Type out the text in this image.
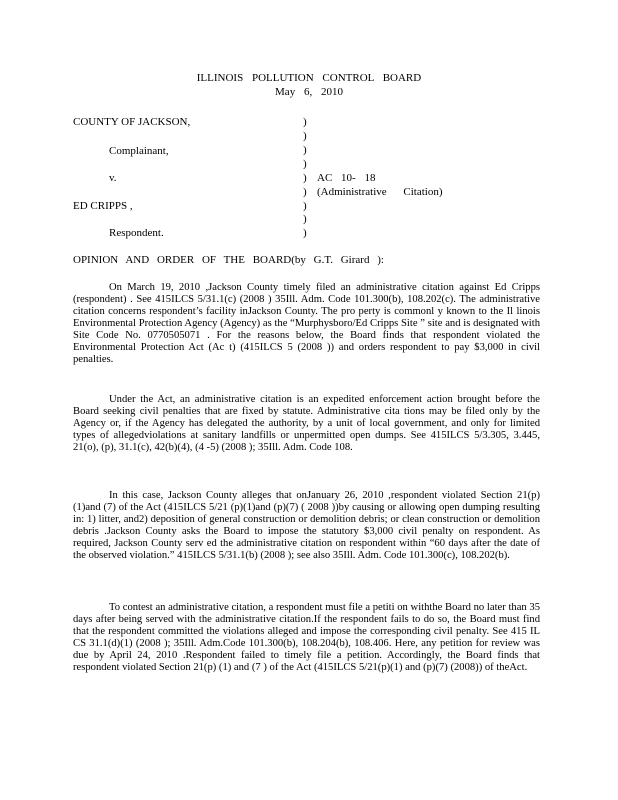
ILLINOIS POLLUTION CONTROL BOARD
May 6, 2010
COUNTY OF JACKSON,
Complainant,
v.	AC 10- 18
(Administrative Citation)
ED CRIPPS ,
Respondent.
)
)
)
)
)
)
)
)
)
OPINION AND ORDER OF THE BOARD(by G.T. Girard ):

On March 19, 2010 ,Jackson County timely filed an administrative citation against Ed Cripps (respondent) . See 415ILCS 5/31.1(c) (2008 ) 35Ill. Adm. Code 101.300(b), 108.202(c). The administrative citation concerns respondent’s facility inJackson County. The pro perty is commonl y known to the Il linois Environmental Protection Agency (Agency) as the “Murphysboro/Ed Cripps Site ” site and is designated with Site Code No. 0770505071 . For the reasons below, the Board finds that respondent violated the Environmental Protection Act (Ac t) (415ILCS 5 (2008 )) and orders respondent to pay $3,000 in civil penalties.

Under the Act, an administrative citation is an expedited enforcement action brought before the Board seeking civil penalties that are fixed by statute. Administrative cita tions may be filed only by the Agency or, if the Agency has delegated the authority, by a unit of local government, and only for limited types of allegedviolations at sanitary landfills or unpermitted open dumps. See 415ILCS 5/3.305, 3.445, 21(o), (p), 31.1(c), 42(b)(4), (4 -5) (2008 ); 35Ill. Adm. Code 108.

In this case, Jackson County alleges that onJanuary 26, 2010 ,respondent violated Section 21(p) (1)and (7) of the Act (415ILCS 5/21 (p)(1)and (p)(7) ( 2008 ))by causing or allowing open dumping resulting in: 1) litter, and2) deposition of general construction or demolition debris; or clean construction or demolition debris .Jackson County asks the Board to impose the statutory $3,000 civil penalty on respondent. As required, Jackson County serv ed the administrative citation on respondent within “60 days after the date of the observed violation.” 415ILCS 5/31.1(b) (2008 ); see also 35Ill. Adm. Code 101.300(c), 108.202(b).

To contest an administrative citation, a respondent must file a petiti on withthe Board no later than 35 days after being served with the administrative citation.If the respondent fails to do so, the Board must find that the respondent committed the violations alleged and impose the corresponding civil penalty. See 415 IL CS 31.1(d)(1) (2008 ); 35Ill. Adm.Code 101.300(b), 108.204(b), 108.406. Here, any petition for review was due by April 24, 2010 .Respondent failed to timely file a petition. Accordingly, the Board finds that respondent violated Section 21(p) (1) and (7 ) of the Act (415ILCS 5/21(p)(1) and (p)(7) (2008)) of theAct.
